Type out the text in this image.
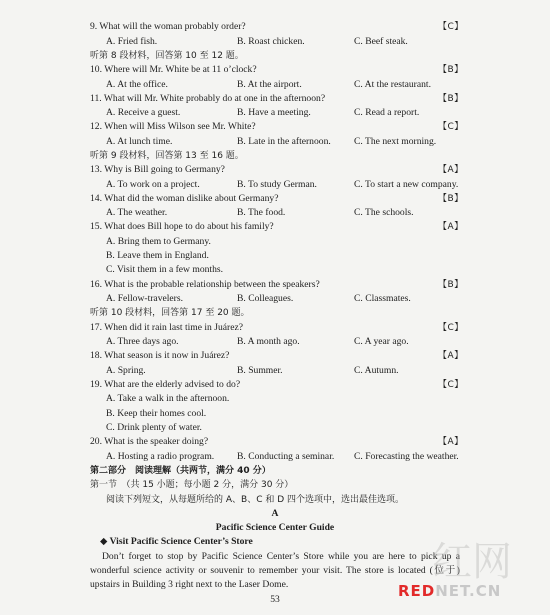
9. What will the woman probably order?	【C】
A. Fried fish.	B. Roast chicken.	C. Beef steak.
听第 8 段材料，回答第 10 至 12 题。
10. Where will Mr. White be at 11 o’clock?	【B】
A. At the office.	B. At the airport.	C. At the restaurant.
11. What will Mr. White probably do at one in the afternoon?	【B】
A. Receive a guest.	B. Have a meeting.	C. Read a report.
12. When will Miss Wilson see Mr. White?	【C】
A. At lunch time.	B. Late in the afternoon. C. The next morning.
听第 9 段材料，回答第 13 至 16 题。
13. Why is Bill going to Germany?	【A】
A. To work on a project.	B. To study German.	C. To start a new company.
14. What did the woman dislike about Germany?	【B】
A. The weather.	B. The food.	C. The schools.
15. What does Bill hope to do about his family?	【A】
A. Bring them to Germany.
B. Leave them in England.
C. Visit them in a few months.
16. What is the probable relationship between the speakers?	【B】
A. Fellow-travelers.	B. Colleagues.	C. Classmates.
听第 10 段材料，回答第 17 至 20 题。
17. When did it rain last time in Juárez?	【C】
A. Three days ago.	B. A month ago.	C. A year ago.
18. What season is it now in Juárez?	【A】
A. Spring.	B. Summer.	C. Autumn.
19. What are the elderly advised to do?	【C】
A. Take a walk in the afternoon.
B. Keep their homes cool.
C. Drink plenty of water.
20. What is the speaker doing?	【A】
A. Hosting a radio program. B. Conducting a seminar. C. Forecasting the weather.
第二部分　阅读理解（共两节，满分 40 分）
第一节　（共 15 小题；每小题 2 分，满分 30 分）
阅读下列短文，从每题所给的 A、B、C 和 D 四个选项中，选出最佳选项。
A
Pacific Science Center Guide
◆ Visit Pacific Science Center’s Store
Don’t forget to stop by Pacific Science Center’s Store while you are here to pick up a wonderful science activity or souvenir to remember your visit. The store is located (位于) upstairs in Building 3 right next to the Laser Dome.	红网
53	REDNET.CN
